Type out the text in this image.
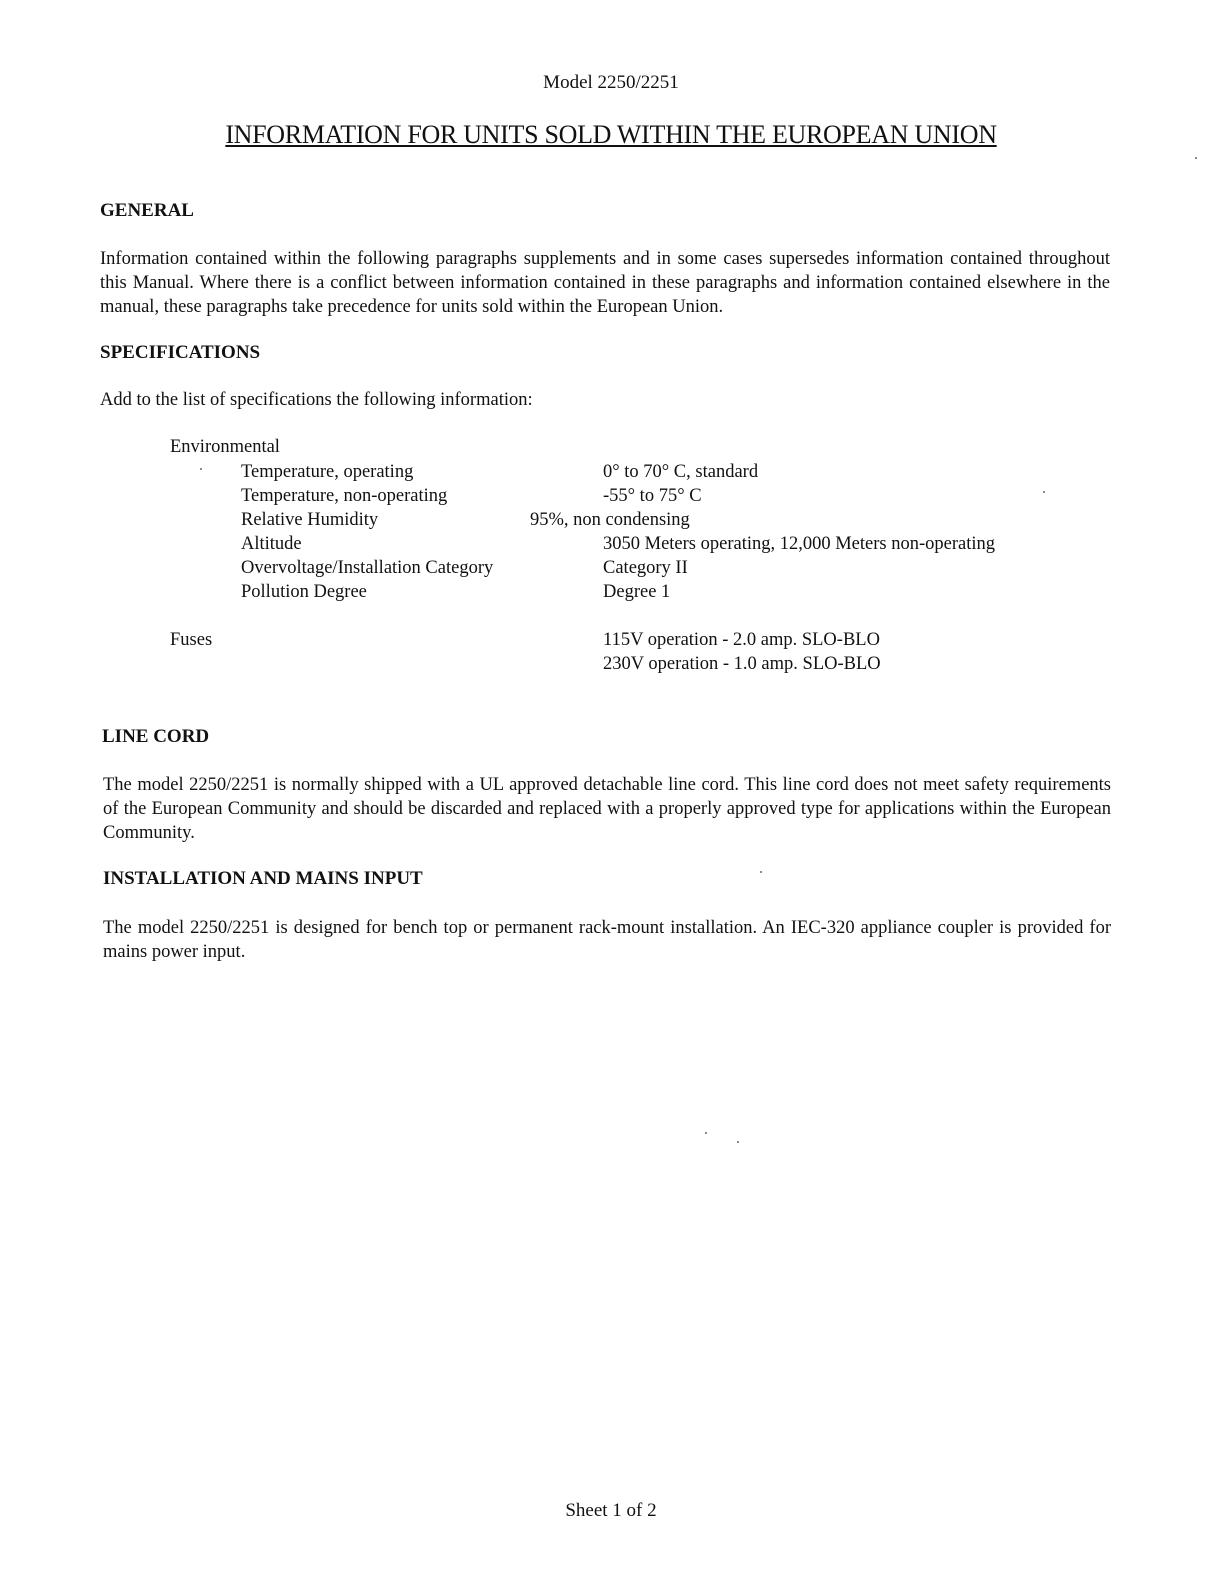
Model 2250/2251
INFORMATION FOR UNITS SOLD WITHIN THE EUROPEAN UNION
GENERAL
Information contained within the following paragraphs supplements and in some cases supersedes information contained throughout this Manual. Where there is a conflict between information contained in these paragraphs and information contained elsewhere in the manual, these paragraphs take precedence for units sold within the European Union.
SPECIFICATIONS
Add to the list of specifications the following information:
Environmental
Temperature, operating	0° to 70° C, standard
Temperature, non-operating	-55° to 75° C
Relative Humidity	95%, non condensing
Altitude	3050 Meters operating, 12,000 Meters non-operating
Overvoltage/Installation Category	Category II
Pollution Degree	Degree 1
Fuses	115V operation - 2.0 amp. SLO-BLO
230V operation - 1.0 amp. SLO-BLO
LINE CORD
The model 2250/2251 is normally shipped with a UL approved detachable line cord. This line cord does not meet safety requirements of the European Community and should be discarded and replaced with a properly approved type for applications within the European Community.
INSTALLATION AND MAINS INPUT
The model 2250/2251 is designed for bench top or permanent rack-mount installation. An IEC-320 appliance coupler is provided for mains power input.
Sheet 1 of 2
